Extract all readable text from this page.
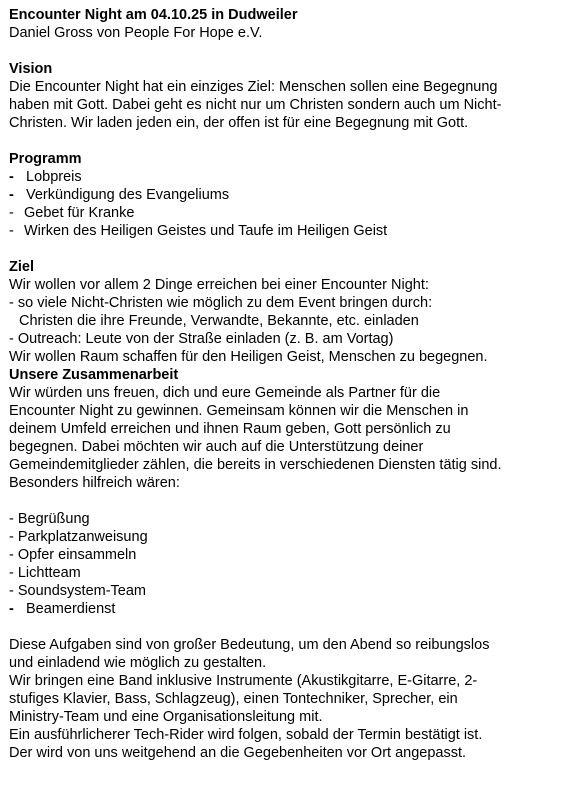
Encounter Night am 04.10.25 in Dudweiler
Daniel Gross von People For Hope e.V.
Vision
Die Encounter Night hat ein einziges Ziel: Menschen sollen eine Begegnung
haben mit Gott. Dabei geht es nicht nur um Christen sondern auch um Nicht-
Christen. Wir laden jeden ein, der offen ist für eine Begegnung mit Gott.
Programm
- Lobpreis
- Verkündigung des Evangeliums
- Gebet für Kranke
- Wirken des Heiligen Geistes und Taufe im Heiligen Geist
Ziel
Wir wollen vor allem 2 Dinge erreichen bei einer Encounter Night:
- so viele Nicht-Christen wie möglich zu dem Event bringen durch:
Christen die ihre Freunde, Verwandte, Bekannte, etc. einladen
- Outreach: Leute von der Straße einladen (z. B. am Vortag)
Wir wollen Raum schaffen für den Heiligen Geist, Menschen zu begegnen.
Unsere Zusammenarbeit
Wir würden uns freuen, dich und eure Gemeinde als Partner für die
Encounter Night zu gewinnen. Gemeinsam können wir die Menschen in
deinem Umfeld erreichen und ihnen Raum geben, Gott persönlich zu
begegnen. Dabei möchten wir auch auf die Unterstützung deiner
Gemeindemitglieder zählen, die bereits in verschiedenen Diensten tätig sind.
Besonders hilfreich wären:
- Begrüßung
- Parkplatzanweisung
- Opfer einsammeln
- Lichtteam
- Soundsystem-Team
- Beamerdienst
Diese Aufgaben sind von großer Bedeutung, um den Abend so reibungslos
und einladend wie möglich zu gestalten.
Wir bringen eine Band inklusive Instrumente (Akustikgitarre, E-Gitarre, 2-
stufiges Klavier, Bass, Schlagzeug), einen Tontechniker, Sprecher, ein
Ministry-Team und eine Organisationsleitung mit.
Ein ausführlicherer Tech-Rider wird folgen, sobald der Termin bestätigt ist.
Der wird von uns weitgehend an die Gegebenheiten vor Ort angepasst.
